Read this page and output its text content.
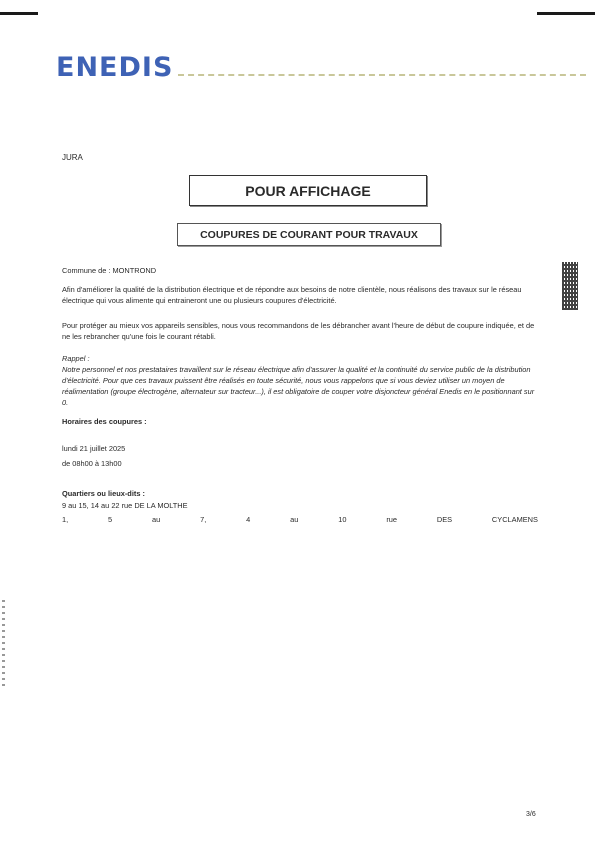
ENEDIS
JURA
POUR AFFICHAGE
COUPURES DE COURANT POUR TRAVAUX
Commune de : MONTROND
Afin d'améliorer la qualité de la distribution électrique et de répondre aux besoins de notre clientèle, nous réalisons des travaux sur le réseau électrique qui vous alimente qui entraineront une ou plusieurs coupures d'électricité.
Pour protéger au mieux vos appareils sensibles, nous vous recommandons de les débrancher avant l'heure de début de coupure indiquée, et de ne les rebrancher qu'une fois le courant rétabli.
Rappel :
Notre personnel et nos prestataires travaillent sur le réseau électrique afin d'assurer la qualité et la continuité du service public de la distribution d'électricité. Pour que ces travaux puissent être réalisés en toute sécurité, nous vous rappelons que si vous deviez utiliser un moyen de réalimentation (groupe électrogène, alternateur sur tracteur...), il est obligatoire de couper votre disjoncteur général Enedis en le positionnant sur 0.
Horaires des coupures :
lundi 21 juillet 2025
de 08h00 à 13h00
Quartiers ou lieux-dits :
9 au 15, 14 au 22 rue DE LA MOLTHE
1,	5	au	7,	4	au	10	rue	DES	CYCLAMENS
3/6
